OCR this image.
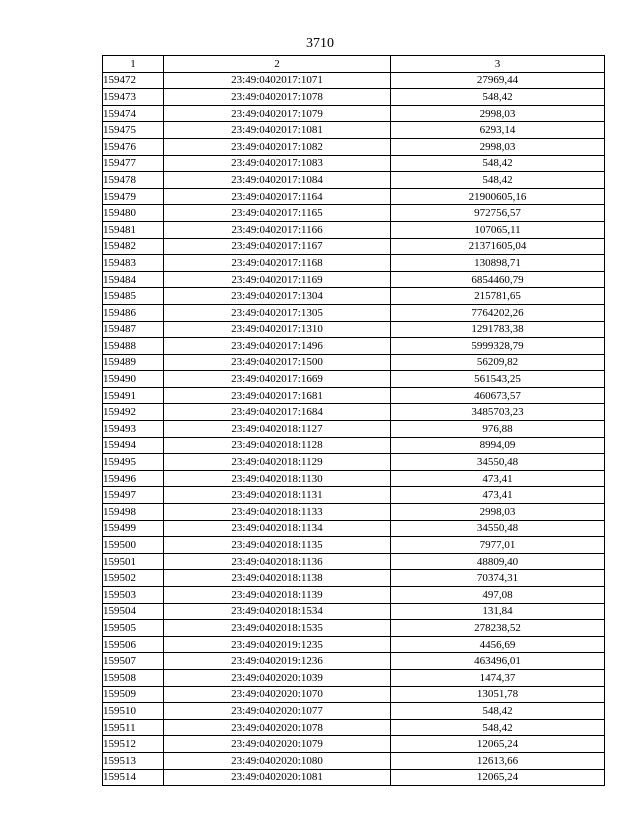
3710
1	2	3
159472	23:49:0402017:1071	27969,44
159473	23:49:0402017:1078	548,42
159474	23:49:0402017:1079	2998,03
159475	23:49:0402017:1081	6293,14
159476	23:49:0402017:1082	2998,03
159477	23:49:0402017:1083	548,42
159478	23:49:0402017:1084	548,42
159479	23:49:0402017:1164	21900605,16
159480	23:49:0402017:1165	972756,57
159481	23:49:0402017:1166	107065,11
159482	23:49:0402017:1167	21371605,04
159483	23:49:0402017:1168	130898,71
159484	23:49:0402017:1169	6854460,79
159485	23:49:0402017:1304	215781,65
159486	23:49:0402017:1305	7764202,26
159487	23:49:0402017:1310	1291783,38
159488	23:49:0402017:1496	5999328,79
159489	23:49:0402017:1500	56209,82
159490	23:49:0402017:1669	561543,25
159491	23:49:0402017:1681	460673,57
159492	23:49:0402017:1684	3485703,23
159493	23:49:0402018:1127	976,88
159494	23:49:0402018:1128	8994,09
159495	23:49:0402018:1129	34550,48
159496	23:49:0402018:1130	473,41
159497	23:49:0402018:1131	473,41
159498	23:49:0402018:1133	2998,03
159499	23:49:0402018:1134	34550,48
159500	23:49:0402018:1135	7977,01
159501	23:49:0402018:1136	48809,40
159502	23:49:0402018:1138	70374,31
159503	23:49:0402018:1139	497,08
159504	23:49:0402018:1534	131,84
159505	23:49:0402018:1535	278238,52
159506	23:49:0402019:1235	4456,69
159507	23:49:0402019:1236	463496,01
159508	23:49:0402020:1039	1474,37
159509	23:49:0402020:1070	13051,78
159510	23:49:0402020:1077	548,42
159511	23:49:0402020:1078	548,42
159512	23:49:0402020:1079	12065,24
159513	23:49:0402020:1080	12613,66
159514	23:49:0402020:1081	12065,24
